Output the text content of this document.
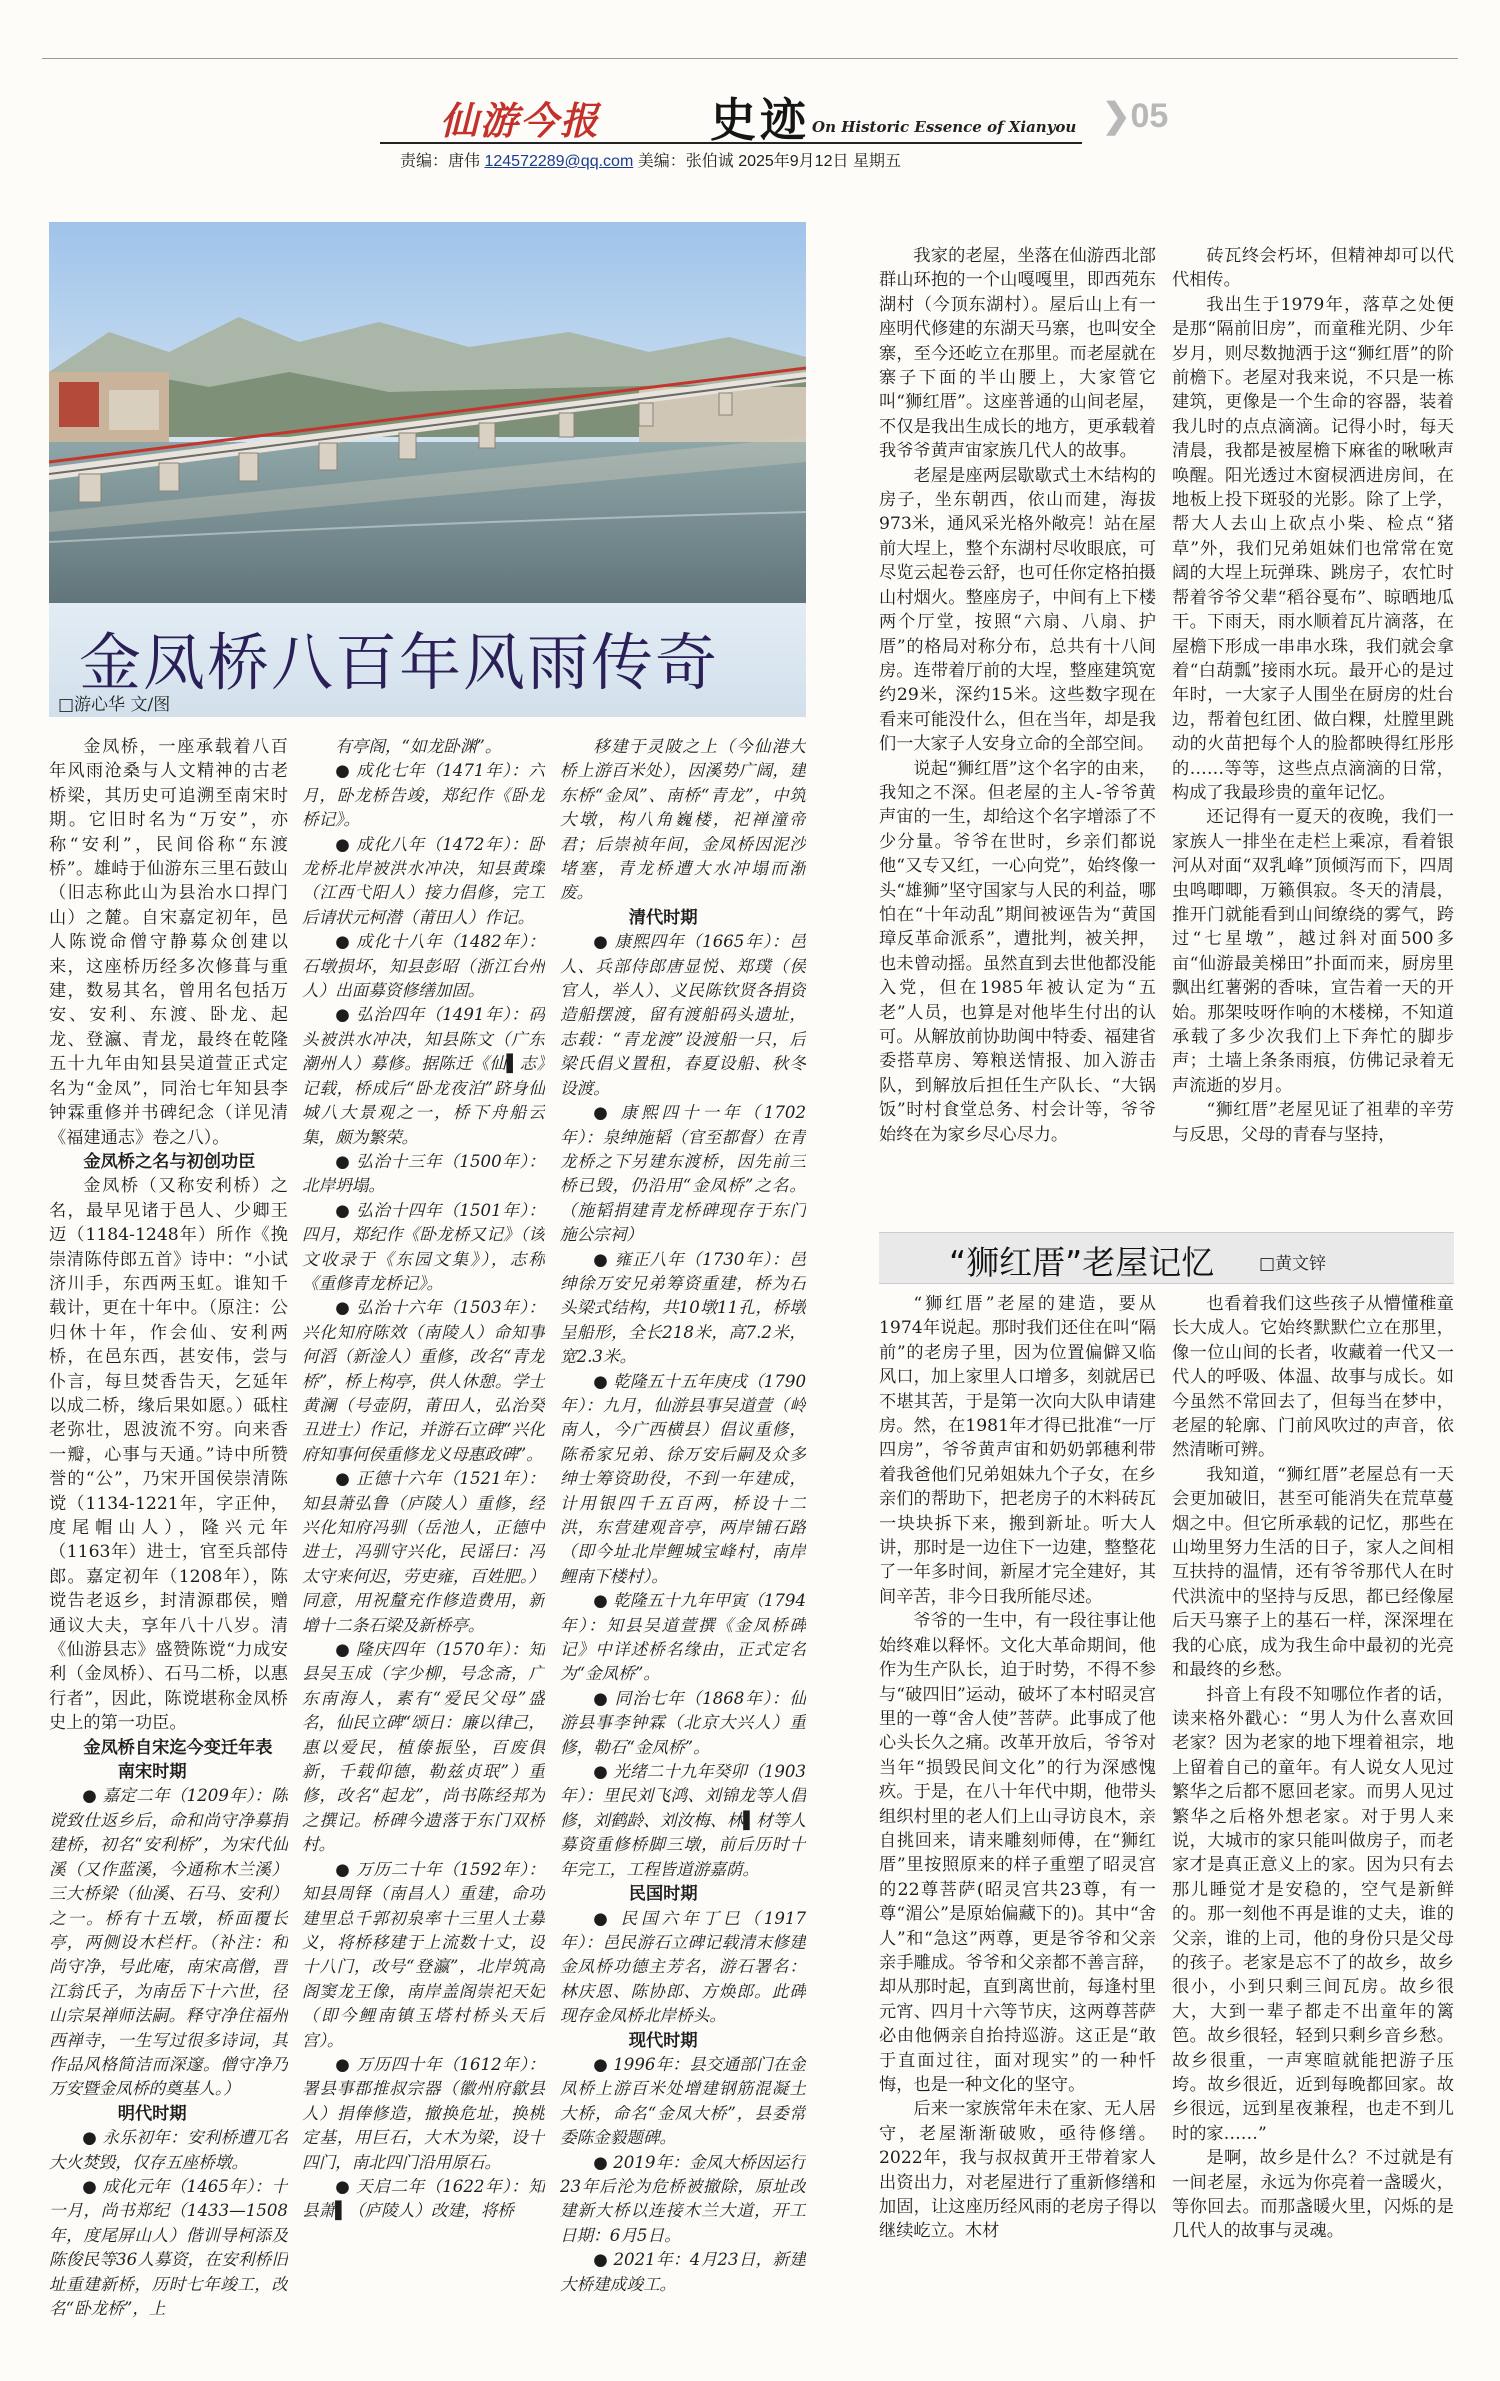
仙游今报 史迹 On Historic Essence of Xianyou ❯05
责编：唐伟 124572289@qq.com 美编：张伯诚 2025年9月12日 星期五
金凤桥八百年风雨传奇
□游心华 文/图

金凤桥，一座承载着八百年风雨沧桑与人文精神的古老桥梁，其历史可追溯至南宋时期。它旧时名为“万安”，亦称“安利”，民间俗称“东渡桥”。雄峙于仙游东三里石鼓山（旧志称此山为县治水口捍门山）之麓。自宋嘉定初年，邑人陈谠命僧守静募众创建以来，这座桥历经多次修葺与重建，数易其名，曾用名包括万安、安利、东渡、卧龙、起龙、登瀛、青龙，最终在乾隆五十九年由知县吴道萱正式定名为“金凤”，同治七年知县李钟霖重修并书碑纪念（详见清《福建通志》卷之八）。

金凤桥之名与初创功臣

金凤桥（又称安利桥）之名，最早见诸于邑人、少卿王迈（1184-1248年）所作《挽崇清陈侍郎五首》诗中：“小试济川手，东西两玉虹。谁知千载计，更在十年中。（原注：公归休十年，作会仙、安利两桥，在邑东西，甚安伟，尝与仆言，每旦焚香告天，乞延年以成二桥，缘后果如愿。）砥柱老弥壮，恩波流不穷。向来香一瓣，心事与天通。”诗中所赞誉的“公”，乃宋开国侯崇清陈谠（1134-1221年，字正仲，度尾帽山人），隆兴元年（1163年）进士，官至兵部侍郎。嘉定初年（1208年），陈谠告老返乡，封清源郡侯，赠通议大夫，享年八十八岁。清《仙游县志》盛赞陈谠“力成安利（金凤桥）、石马二桥，以惠行者”，因此，陈谠堪称金凤桥史上的第一功臣。

金凤桥自宋迄今变迁年表

南宋时期

● 嘉定二年（1209年）：陈谠致仕返乡后，命和尚守净募捐建桥，初名“安利桥”，为宋代仙溪（又作蓝溪，今通称木兰溪）三大桥梁（仙溪、石马、安利）之一。桥有十五墩，桥面覆长亭，两侧设木栏杆。（补注：和尚守净，号此庵，南宋高僧，晋江翁氏子，为南岳下十六世，径山宗杲禅师法嗣。释守净住福州西禅寺，一生写过很多诗词，其作品风格简洁而深邃。僧守净乃万安暨金凤桥的奠基人。）

明代时期

● 永乐初年：安利桥遭兀名大火焚毁，仅存五座桥墩。

● 成化元年（1465年）：十一月，尚书郑纪（1433—1508年，度尾屏山人）偕训导柯添及陈俊民等36人募资，在安利桥旧址重建新桥，历时七年竣工，改名“卧龙桥”，上

有亭阁，“如龙卧渊”。

● 成化七年（1471年）：六月，卧龙桥告竣，郑纪作《卧龙桥记》。

● 成化八年（1472年）：卧龙桥北岸被洪水冲决，知县黄璨（江西弋阳人）接力倡修，完工后请状元柯潜（莆田人）作记。

● 成化十八年（1482年）：石墩损坏，知县彭昭（浙江台州人）出面募资修缮加固。

● 弘治四年（1491年）：码头被洪水冲决，知县陈文（广东潮州人）募修。据陈迁《仙▌志》记载，桥成后“卧龙夜泊”跻身仙城八大景观之一，桥下舟船云集，颇为繁荣。

● 弘治十三年（1500年）：北岸坍塌。

● 弘治十四年（1501年）：四月，郑纪作《卧龙桥又记》（该文收录于《东园文集》），志称《重修青龙桥记》。

● 弘治十六年（1503年）：兴化知府陈效（南陵人）命知事何滔（新淦人）重修，改名“青龙桥”，桥上构亭，供人休憩。学士黄澜（号壶阴，莆田人，弘治癸丑进士）作记，并游石立碑“兴化府知事何侯重修龙义母惠政碑”。

● 正德十六年（1521年）：知县萧弘鲁（庐陵人）重修，经兴化知府冯驯（岳池人，正德中进士，冯驯守兴化，民谣曰：冯太守来何迟，劳吏雍，百姓肥。）同意，用祝釐充作修造费用，新增十二条石梁及新桥亭。

● 隆庆四年（1570年）：知县吴玉成（字少柳，号念斋，广东南海人，素有“爱民父母”盛名，仙民立碑“颂日：廉以律己，惠以爱民，植傣振坠，百废俱新，千载仰德，勒兹贞珉”）重修，改名“起龙”，尚书陈经邦为之撰记。桥碑今遗落于东门双桥村。

● 万历二十年（1592年）：知县周铎（南昌人）重建，命功建里总千郭初泉率十三里人士募义，将桥移建于上流数十丈，设十八门，改号“登瀛”，北岸筑高阁窦龙王像，南岸盖阁崇祀天妃（即今鲤南镇玉塔村桥头天后宫）。

● 万历四十年（1612年）：署县事郡推叔宗器（徽州府歙县人）捐俸修造，撤换危址，换桃定基，用巨石，大木为梁，设十四门，南北四门沿用原石。

● 天启二年（1622年）：知县萧▌（庐陵人）改建，将桥

移建于灵陂之上（今仙港大桥上游百米处），因溪势广阔，建东桥“金凤”、南桥“青龙”，中筑大墩，构八角巍楼，祀禅潼帝君；后崇祯年间，金凤桥因泥沙堵塞，青龙桥遭大水冲塌而渐废。

清代时期

● 康熙四年（1665年）：邑人、兵部侍郎唐显悦、郑璞（侯官人，举人）、义民陈钦贤各捐资造船摆渡，留有渡船码头遗址，志载：“青龙渡”设渡船一只，后梁氏倡义置租，春夏设船、秋冬设渡。

● 康熙四十一年（1702年）：泉绅施韬（官至都督）在青龙桥之下另建东渡桥，因先前三桥已毁，仍沿用“金凤桥”之名。（施韬捐建青龙桥碑现存于东门施公宗祠）

● 雍正八年（1730年）：邑绅徐万安兄弟筹资重建，桥为石头梁式结构，共10墩11孔，桥墩呈船形，全长218米，高7.2米，宽2.3米。

● 乾隆五十五年庚戌（1790年）：九月，仙游县事吴道萱（岭南人，今广西横县）倡议重修，陈希家兄弟、徐万安后嗣及众多绅士筹资助役，不到一年建成，计用银四千五百两，桥设十二洪，东营建观音亭，两岸铺石路（即今址北岸鲤城宝峰村，南岸鲤南下楼村）。

● 乾隆五十九年甲寅（1794年）：知县吴道萱撰《金凤桥碑记》中详述桥名缘由，正式定名为“金凤桥”。

● 同治七年（1868年）：仙游县事李钟霖（北京大兴人）重修，勒石“金凤桥”。

● 光绪二十九年癸卯（1903年）：里民刘飞鸿、刘锦龙等人倡修，刘鹤龄、刘汝梅、林▌材等人募资重修桥脚三墩，前后历时十年完工，工程皆道游嘉荫。

民国时期

● 民国六年丁巳（1917年）：邑民游石立碑记载清末修建金凤桥功德主芳名，游石署名：林庆恩、陈协郎、方焕郎。此碑现存金凤桥北岸桥头。

现代时期

● 1996年：县交通部门在金凤桥上游百米处增建钢筋混凝土大桥，命名“金凤大桥”，县委常委陈金毅题碑。

● 2019年：金凤大桥因运行23年后沦为危桥被撤除，原址改建新大桥以连接木兰大道，开工日期：6月5日。

● 2021年：4月23日，新建大桥建成竣工。

我家的老屋，坐落在仙游西北部群山环抱的一个山嘎嘎里，即西苑东湖村（今顶东湖村）。屋后山上有一座明代修建的东湖天马寨，也叫安全寨，至今还屹立在那里。而老屋就在寨子下面的半山腰上，大家管它叫“狮红厝”。这座普通的山间老屋，不仅是我出生成长的地方，更承载着我爷爷黄声宙家族几代人的故事。

老屋是座两层歇歇式土木结构的房子，坐东朝西，依山而建，海拔973米，通风采光格外敞亮！站在屋前大埕上，整个东湖村尽收眼底，可尽览云起卷云舒，也可任你定格拍摄山村烟火。整座房子，中间有上下楼两个厅堂，按照“六扇、八扇、护厝”的格局对称分布，总共有十八间房。连带着厅前的大埕，整座建筑宽约29米，深约15米。这些数字现在看来可能没什么，但在当年，却是我们一大家子人安身立命的全部空间。

说起“狮红厝”这个名字的由来，我知之不深。但老屋的主人-爷爷黄声宙的一生，却给这个名字增添了不少分量。爷爷在世时，乡亲们都说他“又专又红，一心向党”，始终像一头“雄狮”坚守国家与人民的利益，哪怕在“十年动乱”期间被诬告为“黄国璋反革命派系”，遭批判，被关押，也未曾动摇。虽然直到去世他都没能入党，但在1985年被认定为“五老”人员，也算是对他毕生付出的认可。从解放前协助闽中特委、福建省委搭草房、筹粮送情报、加入游击队，到解放后担任生产队长、“大锅饭”时村食堂总务、村会计等，爷爷始终在为家乡尽心尽力。

砖瓦终会朽坏，但精神却可以代代相传。

我出生于1979年，落草之处便是那“隔前旧房”，而童稚光阴、少年岁月，则尽数抛洒于这“狮红厝”的阶前檐下。老屋对我来说，不只是一栋建筑，更像是一个生命的容器，装着我儿时的点点滴滴。记得小时，每天清晨，我都是被屋檐下麻雀的啾啾声唤醒。阳光透过木窗棂洒进房间，在地板上投下斑驳的光影。除了上学，帮大人去山上砍点小柴、检点“猪草”外，我们兄弟姐妹们也常常在宽阔的大埕上玩弹珠、跳房子，农忙时帮着爷爷父辈“稻谷戛布”、晾晒地瓜干。下雨天，雨水顺着瓦片滴落，在屋檐下形成一串串水珠，我们就会拿着“白葫瓢”接雨水玩。最开心的是过年时，一大家子人围坐在厨房的灶台边，帮着包红团、做白粿，灶膛里跳动的火苗把每个人的脸都映得红彤彤的……等等，这些点点滴滴的日常，构成了我最珍贵的童年记忆。

还记得有一夏天的夜晚，我们一家族人一排坐在走栏上乘凉，看着银河从对面“双乳峰”顶倾泻而下，四周虫鸣唧唧，万籁俱寂。冬天的清晨，推开门就能看到山间缭绕的雾气，跨过“七星墩”，越过斜对面500多亩“仙游最美梯田”扑面而来，厨房里飘出红薯粥的香味，宣告着一天的开始。那架吱呀作响的木楼梯，不知道承载了多少次我们上下奔忙的脚步声；土墙上条条雨痕，仿佛记录着无声流逝的岁月。

“狮红厝”老屋见证了祖辈的辛劳与反思，父母的青春与坚持，

“狮红厝”老屋记忆	□黄文锌

“狮红厝”老屋的建造，要从1974年说起。那时我们还住在叫“隔前”的老房子里，因为位置偏僻又临风口，加上家里人口增多，刻就居已不堪其苦，于是第一次向大队申请建房。然，在1981年才得已批准“一厅四房”，爷爷黄声宙和奶奶郭穗利带着我爸他们兄弟姐妹九个子女，在乡亲们的帮助下，把老房子的木料砖瓦一块块拆下来，搬到新址。听大人讲，那时是一边住下一边建，整整花了一年多时间，新屋才完全建好，其间辛苦，非今日我所能尽述。

爷爷的一生中，有一段往事让他始终难以释怀。文化大革命期间，他作为生产队长，迫于时势，不得不参与“破四旧”运动，破坏了本村昭灵宫里的一尊“舍人使”菩萨。此事成了他心头长久之痛。改革开放后，爷爷对当年“损毁民间文化”的行为深感愧疚。于是，在八十年代中期，他带头组织村里的老人们上山寻访良木，亲自挑回来，请来雕刻师傅，在“狮红厝”里按照原来的样子重塑了昭灵宫的22尊菩萨(昭灵宫共23尊，有一尊“湄公”是原始偏藏下的)。其中“舍人”和“急这”两尊，更是爷爷和父亲亲手雕成。爷爷和父亲都不善言辞，却从那时起，直到离世前，每逢村里元宵、四月十六等节庆，这两尊菩萨必由他俩亲自抬持巡游。这正是“敢于直面过往，面对现实”的一种忏悔，也是一种文化的坚守。

后来一家族常年未在家、无人居守，老屋渐渐破败，亟待修缮。2022年，我与叔叔黄开王带着家人出资出力，对老屋进行了重新修缮和加固，让这座历经风雨的老房子得以继续屹立。木材

也看着我们这些孩子从懵懂稚童长大成人。它始终默默伫立在那里，像一位山间的长者，收藏着一代又一代人的呼吸、体温、故事与成长。如今虽然不常回去了，但每当在梦中，老屋的轮廓、门前风吹过的声音，依然清晰可辨。

我知道，“狮红厝”老屋总有一天会更加破旧，甚至可能消失在荒草蔓烟之中。但它所承载的记忆，那些在山坳里努力生活的日子，家人之间相互扶持的温情，还有爷爷那代人在时代洪流中的坚持与反思，都已经像屋后天马寨子上的基石一样，深深埋在我的心底，成为我生命中最初的光亮和最终的乡愁。

抖音上有段不知哪位作者的话，读来格外戳心：“男人为什么喜欢回老家？因为老家的地下埋着祖宗，地上留着自己的童年。有人说女人见过繁华之后都不愿回老家。而男人见过繁华之后格外想老家。对于男人来说，大城市的家只能叫做房子，而老家才是真正意义上的家。因为只有去那儿睡觉才是安稳的，空气是新鲜的。那一刻他不再是谁的丈夫，谁的父亲，谁的上司，他的身份只是父母的孩子。老家是忘不了的故乡，故乡很小，小到只剩三间瓦房。故乡很大，大到一辈子都走不出童年的篱笆。故乡很轻，轻到只剩乡音乡愁。故乡很重，一声寒暄就能把游子压垮。故乡很近，近到每晚都回家。故乡很远，远到星夜兼程，也走不到儿时的家……”

是啊，故乡是什么？不过就是有一间老屋，永远为你亮着一盏暖火，等你回去。而那盏暖火里，闪烁的是几代人的故事与灵魂。
